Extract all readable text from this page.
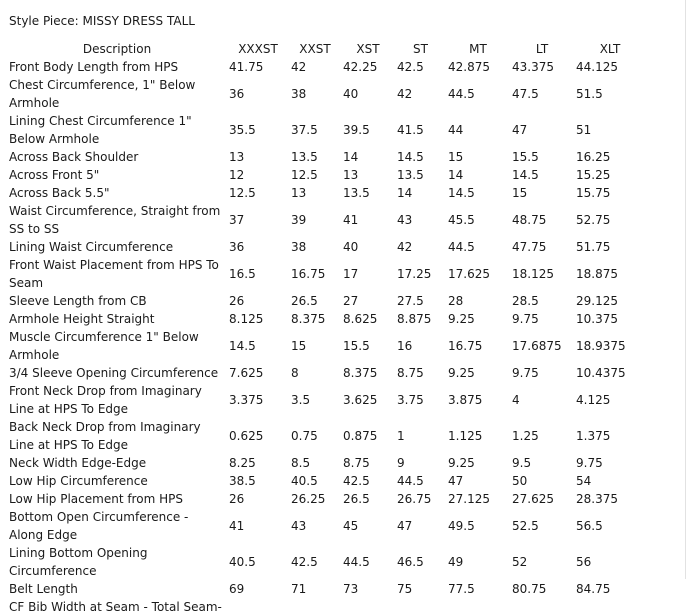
Style Piece: MISSY DRESS TALL
Description	XXXST	XXST	XST	ST	MT	LT	XLT
Front Body Length from HPS	41.75	42	42.25	42.5	42.875	43.375	44.125
Chest Circumference, 1" Below Armhole	36	38	40	42	44.5	47.5	51.5
Lining Chest Circumference 1" Below Armhole	35.5	37.5	39.5	41.5	44	47	51
Across Back Shoulder	13	13.5	14	14.5	15	15.5	16.25
Across Front 5"	12	12.5	13	13.5	14	14.5	15.25
Across Back 5.5"	12.5	13	13.5	14	14.5	15	15.75
Waist Circumference, Straight from SS to SS	37	39	41	43	45.5	48.75	52.75
Lining Waist Circumference	36	38	40	42	44.5	47.75	51.75
Front Waist Placement from HPS To Seam	16.5	16.75	17	17.25	17.625	18.125	18.875
Sleeve Length from CB	26	26.5	27	27.5	28	28.5	29.125
Armhole Height Straight	8.125	8.375	8.625	8.875	9.25	9.75	10.375
Muscle Circumference 1" Below Armhole	14.5	15	15.5	16	16.75	17.6875	18.9375
3/4 Sleeve Opening Circumference	7.625	8	8.375	8.75	9.25	9.75	10.4375
Front Neck Drop from Imaginary Line at HPS To Edge	3.375	3.5	3.625	3.75	3.875	4	4.125
Back Neck Drop from Imaginary Line at HPS To Edge	0.625	0.75	0.875	1	1.125	1.25	1.375
Neck Width Edge-Edge	8.25	8.5	8.75	9	9.25	9.5	9.75
Low Hip Circumference	38.5	40.5	42.5	44.5	47	50	54
Low Hip Placement from HPS	26	26.25	26.5	26.75	27.125	27.625	28.375
Bottom Open Circumference - Along Edge	41	43	45	47	49.5	52.5	56.5
Lining Bottom Opening Circumference	40.5	42.5	44.5	46.5	49	52	56
Belt Length	69	71	73	75	77.5	80.75	84.75
CF Bib Width at Seam - Total Seam-							
